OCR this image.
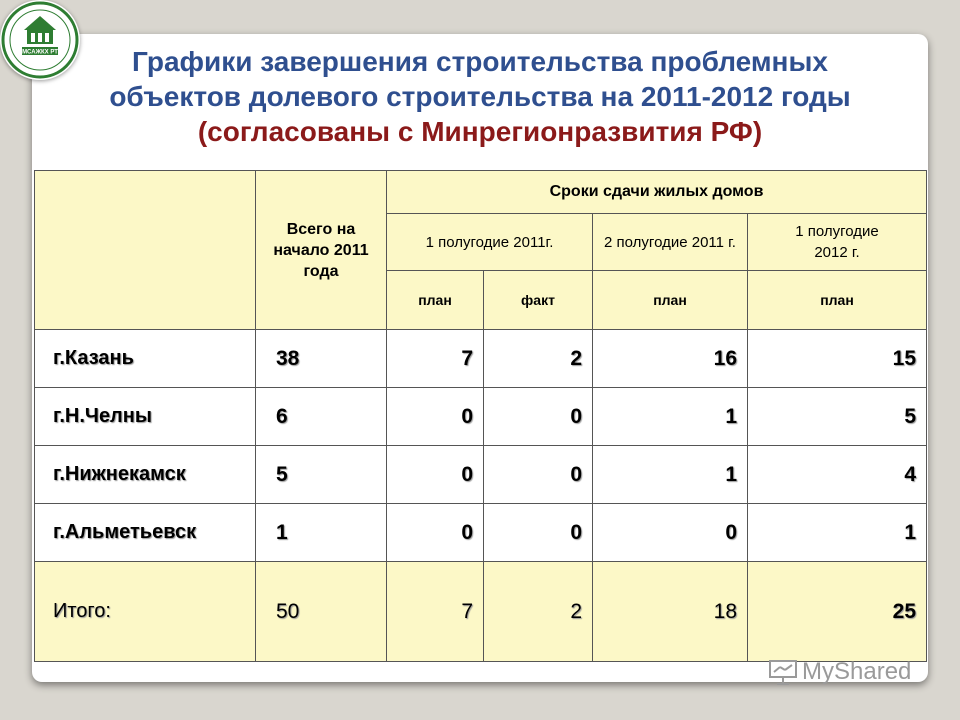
МСАЖКХ РТ	Графики завершения строительства проблемных
объектов долевого строительства на 2011-2012 годы
(согласованы с Минрегионразвития РФ)
	Всего на начало 2011 года	Сроки сдачи жилых домов			
		1 полугодие 2011г.		2 полугодие 2011 г.	1 полугодие 2012 г.
		план	факт	план	план
г.Казань	38	7	2	16	15
г.Н.Челны	6	0	0	1	5
г.Нижнекамск	5	0	0	1	4
г.Альметьевск	1	0	0	0	1
Итого:	50	7	2	18	25
MyShared
